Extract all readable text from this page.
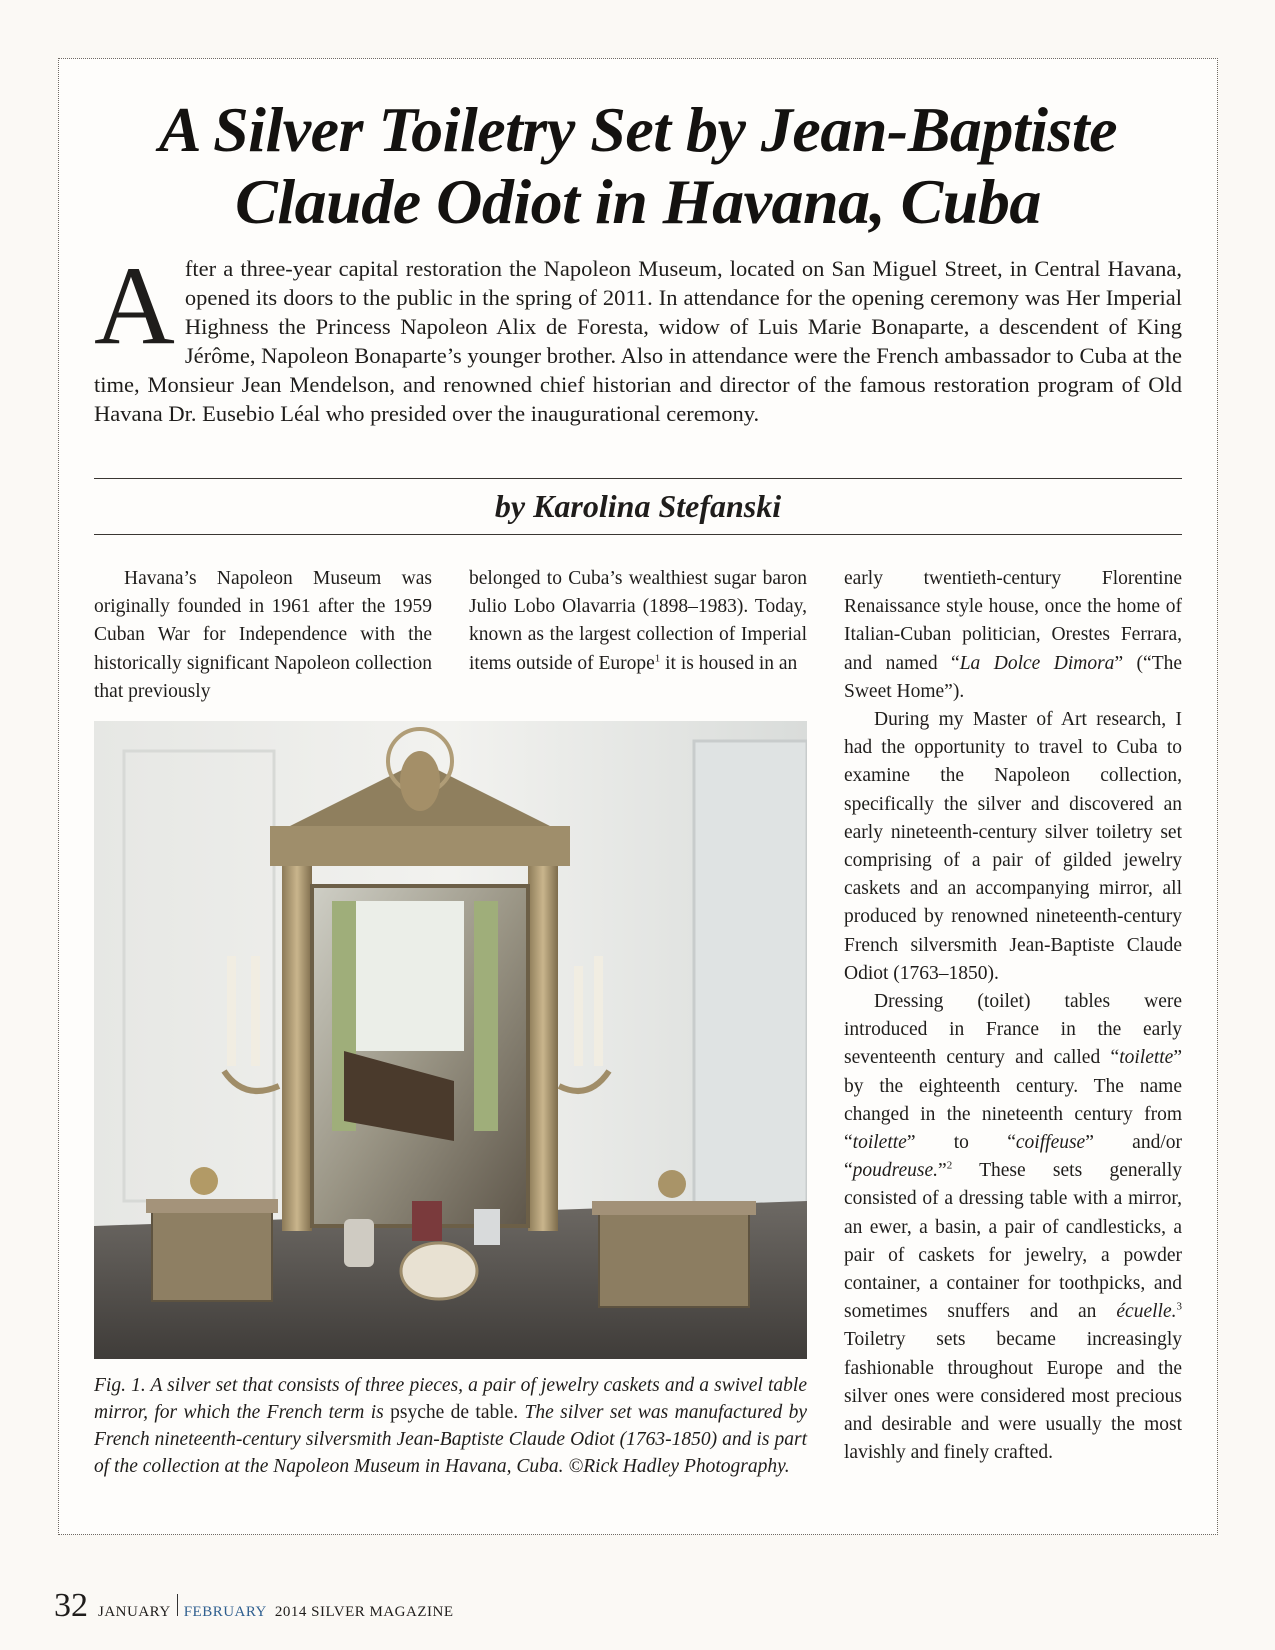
A Silver Toiletry Set by Jean-Baptiste
Claude Odiot in Havana, Cuba

After a three-year capital restoration the Napoleon Museum, located on San Miguel Street, in Central Havana, opened its doors to the public in the spring of 2011. In attendance for the opening ceremony was Her Imperial Highness the Princess Napoleon Alix de Foresta, widow of Luis Marie Bonaparte, a descendent of King Jérôme, Napoleon Bonaparte’s younger brother. Also in attendance were the French ambassador to Cuba at the time, Monsieur Jean Mendelson, and renowned chief historian and director of the famous restoration program of Old Havana Dr. Eusebio Léal who presided over the inaugurational ceremony.

by Karolina Stefanski

Havana’s Napoleon Museum was originally founded in 1961 after the 1959 Cuban War for Independence with the historically significant Napoleon collection that previously

belonged to Cuba’s wealthiest sugar baron Julio Lobo Olavarria (1898–1983). Today, known as the largest collection of Imperial items outside of Europe$^1$ it is housed in an

Fig. 1. A silver set that consists of three pieces, a pair of jewelry caskets and a swivel table mirror, for which the French term is psyche de table. The silver set was manufactured by French nineteenth-century silversmith Jean-Baptiste Claude Odiot (1763-1850) and is part of the collection at the Napoleon Museum in Havana, Cuba. ©Rick Hadley Photography.

early twentieth-century Florentine Renaissance style house, once the home of Italian-Cuban politician, Orestes Ferrara, and named “La Dolce Dimora” (“The Sweet Home”).

During my Master of Art research, I had the opportunity to travel to Cuba to examine the Napoleon collection, specifically the silver and discovered an early nineteenth-century silver toiletry set comprising of a pair of gilded jewelry caskets and an accompanying mirror, all produced by renowned nineteenth-century French silversmith Jean-Baptiste Claude Odiot (1763–1850).

Dressing (toilet) tables were introduced in France in the early seventeenth century and called “toilette” by the eighteenth century. The name changed in the nineteenth century from “toilette” to “coiffeuse” and/or “poudreuse.”$^2$ These sets generally consisted of a dressing table with a mirror, an ewer, a basin, a pair of candlesticks, a pair of caskets for jewelry, a powder container, a container for toothpicks, and sometimes snuffers and an écuelle.$^3$ Toiletry sets became increasingly fashionable throughout Europe and the silver ones were considered most precious and desirable and were usually the most lavishly and finely crafted.

32 JANUARY FEBRUARY 2014 SILVER MAGAZINE
